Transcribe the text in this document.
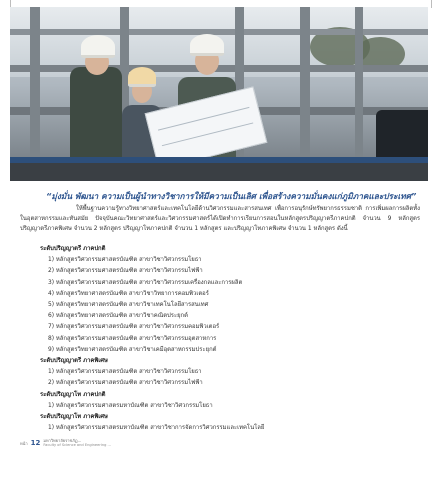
“มุ่งมั่น พัฒนา ความเป็นผู้นำทางวิชาการให้มีความเป็นเลิศ เพื่อสร้างความมั่นคงแก่ภูมิภาคและประเทศ”
ให้พื้นฐานความรู้ทางวิทยาศาสตร์และเทคโนโลยีด้านวิศวกรรมและสารสนเทศ เพื่อการอนุรักษ์ทรัพยากรธรรมชาติ การเพิ่มผลการผลิตทั้งในอุตสาหกรรมและทันสมัย ปัจจุบันคณะวิทยาศาสตร์และวิศวกรรมศาสตร์ได้เปิดทำการเรียนการสอนในหลักสูตรปริญญาตรีภาคปกติ จำนวน 9 หลักสูตร ปริญญาตรีภาคพิเศษ จำนวน 2 หลักสูตร ปริญญาโทภาคปกติ จำนวน 1 หลักสูตร และปริญญาโทภาคพิเศษ จำนวน 1 หลักสูตร ดังนี้
ระดับปริญญาตรี ภาคปกติ
1) หลักสูตรวิศวกรรมศาสตรบัณฑิต สาขาวิชาวิศวกรรมโยธา
2) หลักสูตรวิศวกรรมศาสตรบัณฑิต สาขาวิชาวิศวกรรมไฟฟ้า
3) หลักสูตรวิศวกรรมศาสตรบัณฑิต สาขาวิชาวิศวกรรมเครื่องกลและการผลิต
4) หลักสูตรวิทยาศาสตรบัณฑิต สาขาวิชาวิทยาการคอมพิวเตอร์
5) หลักสูตรวิทยาศาสตรบัณฑิต สาขาวิชาเทคโนโลยีสารสนเทศ
6) หลักสูตรวิทยาศาสตรบัณฑิต สาขาวิชาคณิตประยุกต์
7) หลักสูตรวิศวกรรมศาสตรบัณฑิต สาขาวิชาวิศวกรรมคอมพิวเตอร์
8) หลักสูตรวิศวกรรมศาสตรบัณฑิต สาขาวิชาวิศวกรรมอุตสาหการ
9) หลักสูตรวิทยาศาสตรบัณฑิต สาขาวิชาเคมีอุตสาหกรรมประยุกต์
ระดับปริญญาตรี ภาคพิเศษ
1) หลักสูตรวิศวกรรมศาสตรบัณฑิต สาขาวิชาวิศวกรรมโยธา
2) หลักสูตรวิศวกรรมศาสตรบัณฑิต สาขาวิชาวิศวกรรมไฟฟ้า
ระดับปริญญาโท ภาคปกติ
1) หลักสูตรวิศวกรรมศาสตรมหาบัณฑิต สาขาวิชาวิศวกรรมโยธา
ระดับปริญญาโท ภาคพิเศษ
1) หลักสูตรวิศวกรรมศาสตรมหาบัณฑิต สาขาวิชาการจัดการวิศวกรรมและเทคโนโลยี
หน้า 12 มหาวิทยาลัยราชภัฏ...
Faculty of Science and Engineering ...
